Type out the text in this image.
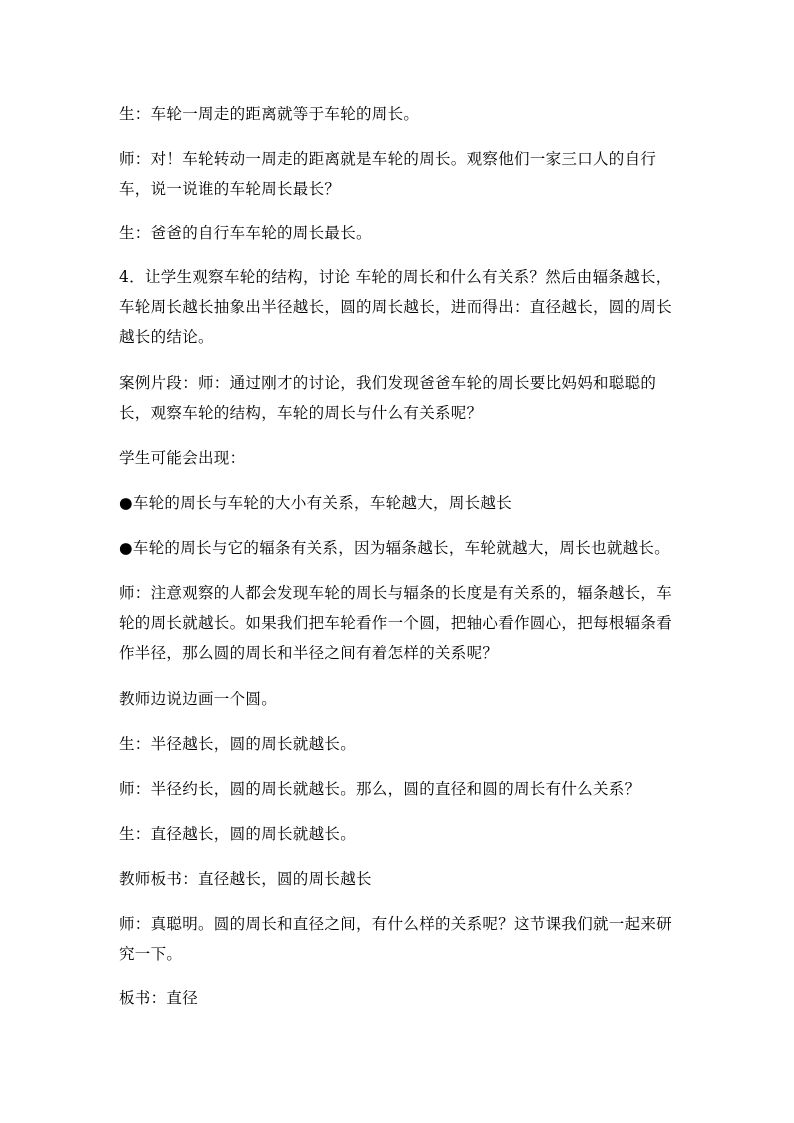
生：车轮一周走的距离就等于车轮的周长。

师：对！车轮转动一周走的距离就是车轮的周长。观察他们一家三口人的自行车，说一说谁的车轮周长最长？

生：爸爸的自行车车轮的周长最长。

4．让学生观察车轮的结构，讨论 车轮的周长和什么有关系？然后由辐条越长，车轮周长越长抽象出半径越长，圆的周长越长，进而得出：直径越长，圆的周长越长的结论。

案例片段：师：通过刚才的讨论，我们发现爸爸车轮的周长要比妈妈和聪聪的长，观察车轮的结构，车轮的周长与什么有关系呢？

学生可能会出现：

●车轮的周长与车轮的大小有关系，车轮越大，周长越长

●车轮的周长与它的辐条有关系，因为辐条越长，车轮就越大，周长也就越长。

师：注意观察的人都会发现车轮的周长与辐条的长度是有关系的，辐条越长，车轮的周长就越长。如果我们把车轮看作一个圆，把轴心看作圆心，把每根辐条看作半径，那么圆的周长和半径之间有着怎样的关系呢？

教师边说边画一个圆。

生：半径越长，圆的周长就越长。

师：半径约长，圆的周长就越长。那么，圆的直径和圆的周长有什么关系？

生：直径越长，圆的周长就越长。

教师板书：直径越长，圆的周长越长

师：真聪明。圆的周长和直径之间，有什么样的关系呢？这节课我们就一起来研究一下。

板书：直径
